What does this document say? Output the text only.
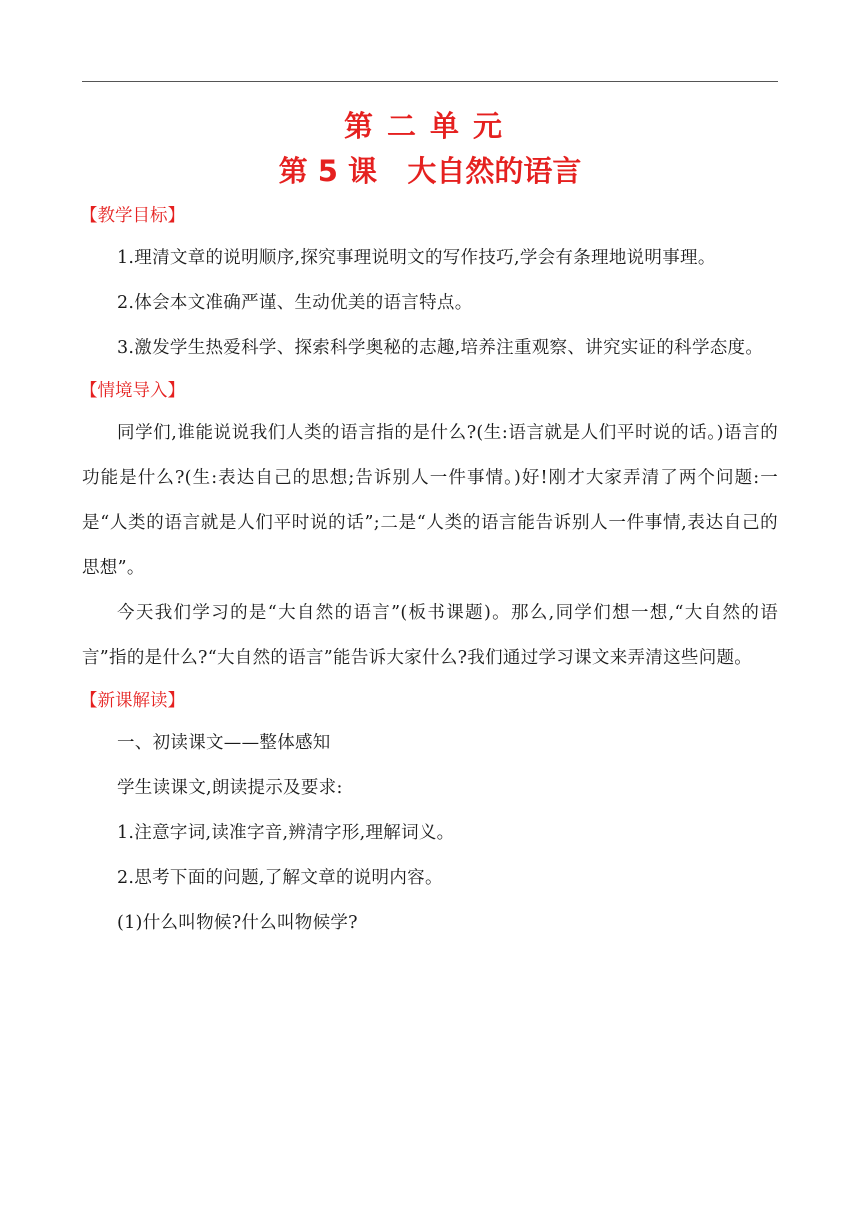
第二单元
第 5 课   大自然的语言
【教学目标】

1.理清文章的说明顺序,探究事理说明文的写作技巧,学会有条理地说明事理。

2.体会本文准确严谨、生动优美的语言特点。

3.激发学生热爱科学、探索科学奥秘的志趣,培养注重观察、讲究实证的科学态度。

【情境导入】

同学们,谁能说说我们人类的语言指的是什么?(生:语言就是人们平时说的话。)语言的功能是什么?(生:表达自己的思想;告诉别人一件事情。)好!刚才大家弄清了两个问题:一是“人类的语言就是人们平时说的话”;二是“人类的语言能告诉别人一件事情,表达自己的思想”。

今天我们学习的是“大自然的语言”(板书课题)。那么,同学们想一想,“大自然的语言”指的是什么?“大自然的语言”能告诉大家什么?我们通过学习课文来弄清这些问题。

【新课解读】

一、初读课文——整体感知

学生读课文,朗读提示及要求:

1.注意字词,读准字音,辨清字形,理解词义。

2.思考下面的问题,了解文章的说明内容。

(1)什么叫物候?什么叫物候学?
